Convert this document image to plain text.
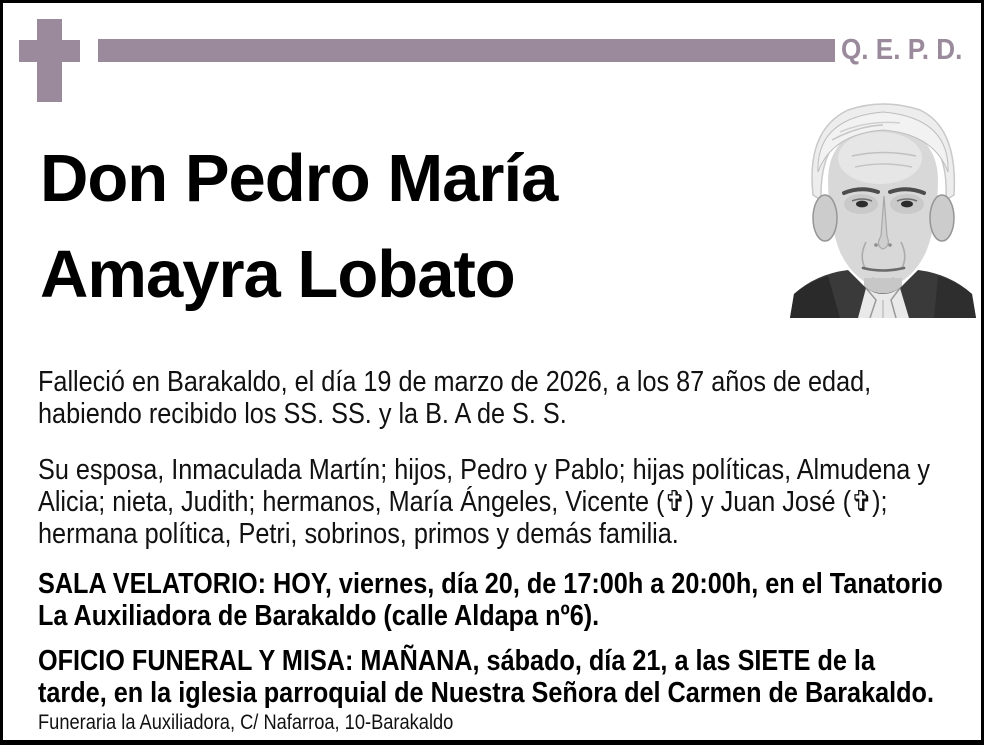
Q. E. P. D.
Don Pedro María
Amayra Lobato

Falleció en Barakaldo, el día 19 de marzo de 2026, a los 87 años de edad, habiendo recibido los SS. SS. y la B. A de S. S.

Su esposa, Inmaculada Martín; hijos, Pedro y Pablo; hijas políticas, Almudena y Alicia; nieta, Judith; hermanos, María Ángeles, Vicente (✞) y Juan José (✞); hermana política, Petri, sobrinos, primos y demás familia.

SALA VELATORIO: HOY, viernes, día 20, de 17:00h a 20:00h, en el Tanatorio La Auxiliadora de Barakaldo (calle Aldapa nº6).

OFICIO FUNERAL Y MISA: MAÑANA, sábado, día 21, a las SIETE de la tarde, en la iglesia parroquial de Nuestra Señora del Carmen de Barakaldo.

Funeraria la Auxiliadora, C/ Nafarroa, 10-Barakaldo
